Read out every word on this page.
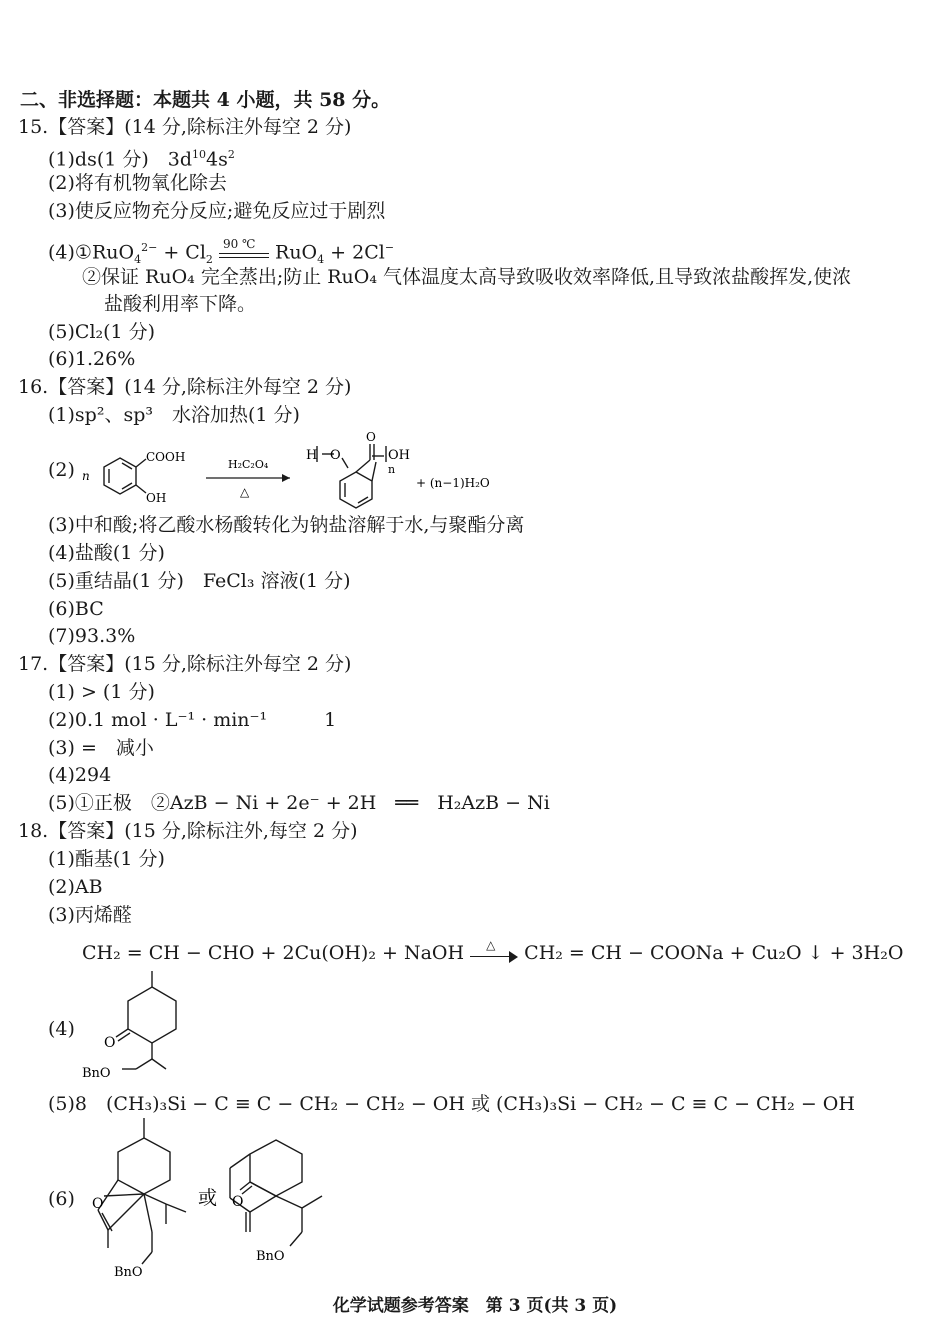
二、非选择题：本题共 4 小题，共 58 分。
15.【答案】(14 分,除标注外每空 2 分)
(1)ds(1 分)　$3d^{10}4s^2$
(2)将有机物氧化除去
(3)使反应物充分反应;避免反应过于剧烈
(4)①RuO$_4^{2-}$ + $Cl_2$
90 ℃ RuO$_4$ + 2Cl−
②保证 RuO₄ 完全蒸出;防止 RuO₄ 气体温度太高导致吸收效率降低,且导致浓盐酸挥发,使浓
盐酸利用率下降。
(5)Cl₂(1 分)
(6)1.26%
16.【答案】(14 分,除标注外每空 2 分)
(1)sp²、sp³　水浴加热(1 分)
(2) n
COOH
OH
H₂C₂O₄
△
H O
O
OH
n
+ (n−1)H₂O
(3)中和酸;将乙酸水杨酸转化为钠盐溶解于水,与聚酯分离
(4)盐酸(1 分)
(5)重结晶(1 分)　FeCl₃ 溶液(1 分)
(6)BC
(7)93.3%
17.【答案】(15 分,除标注外每空 2 分)
(1) > (1 分)
(2)0.1 mol · L⁻¹ · min⁻¹　　　1
(3) =　减小
(4)294
(5)①正极　②AzB − Ni + 2e⁻ + 2H　══　H₂AzB − Ni
18.【答案】(15 分,除标注外,每空 2 分)
(1)酯基(1 分)
(2)AB
(3)丙烯醛
CH₂ = CH − CHO + 2Cu(OH)₂ + NaOH △ CH₂ = CH − COONa + Cu₂O ↓ + 3H₂O
(4)
O
BnO
(5)8　(CH₃)₃Si − C ≡ C − CH₂ − CH₂ − OH 或 (CH₃)₃Si − CH₂ − C ≡ C − CH₂ − OH
(6) O
BnO
或 O
BnO
化学试题参考答案　第 3 页(共 3 页)
